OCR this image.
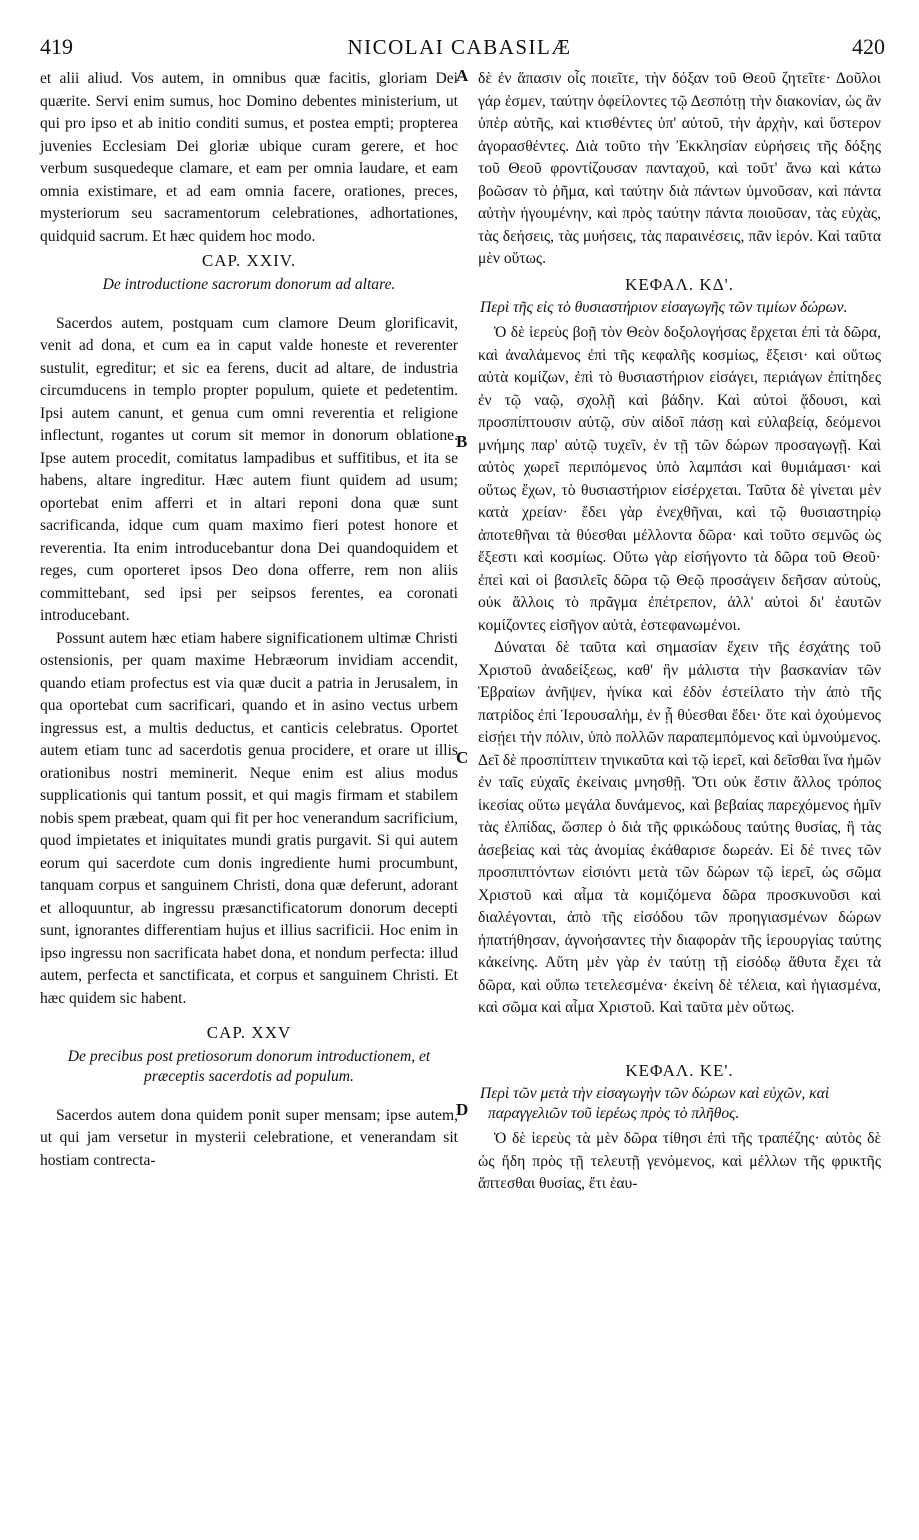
419	NICOLAI CABASILÆ	420

et alii aliud. Vos autem, in omnibus quæ facitis, gloriam Dei quærite. Servi enim sumus, hoc Domino debentes ministerium, ut qui pro ipso et ab initio conditi sumus, et postea empti; propterea juvenies Ecclesiam Dei gloriæ ubique curam gerere, et hoc verbum susquedeque clamare, et eam per omnia laudare, et eam omnia existimare, et ad eam omnia facere, orationes, preces, mysteriorum seu sacramentorum celebrationes, adhortationes, quidquid sacrum. Et hæc quidem hoc modo.

CAP. XXIV.
De introductione sacrorum donorum ad altare.

Sacerdos autem, postquam cum clamore Deum glorificavit, venit ad dona, et cum ea in caput valde honeste et reverenter sustulit, egreditur; et sic ea ferens, ducit ad altare, de industria circumducens in templo propter populum, quiete et pedetentim. Ipsi autem canunt, et genua cum omni reverentia et religione inflectunt, rogantes ut corum sit memor in donorum oblatione. Ipse autem procedit, comitatus lampadibus et suffitibus, et ita se habens, altare ingreditur. Hæc autem fiunt quidem ad usum; oportebat enim afferri et in altari reponi dona quæ sunt sacrificanda, idque cum quam maximo fieri potest honore et reverentia. Ita enim introducebantur dona Dei quandoquidem et reges, cum oporteret ipsos Deo dona offerre, rem non aliis committebant, sed ipsi per seipsos ferentes, ea coronati introducebant.

Possunt autem hæc etiam habere significationem ultimæ Christi ostensionis, per quam maxime Hebræorum invidiam accendit, quando etiam profectus est via quæ ducit a patria in Jerusalem, in qua oportebat cum sacrificari, quando et in asino vectus urbem ingressus est, a multis deductus, et canticis celebratus. Oportet autem etiam tunc ad sacerdotis genua procidere, et orare ut illis orationibus nostri meminerit. Neque enim est alius modus supplicationis qui tantum possit, et qui magis firmam et stabilem nobis spem præbeat, quam qui fit per hoc venerandum sacrificium, quod impietates et iniquitates mundi gratis purgavit. Si qui autem eorum qui sacerdote cum donis ingrediente humi procumbunt, tanquam corpus et sanguinem Christi, dona quæ deferunt, adorant et alloquuntur, ab ingressu præsanctificatorum donorum decepti sunt, ignorantes differentiam hujus et illius sacrificii. Hoc enim in ipso ingressu non sacrificata habet dona, et nondum perfecta: illud autem, perfecta et sanctificata, et corpus et sanguinem Christi. Et hæc quidem sic habent.

CAP. XXV
De precibus post pretiosorum donorum introductionem, et præceptis sacerdotis ad populum.

Sacerdos autem dona quidem ponit super mensam; ipse autem, ut qui jam versetur in mysterii celebratione, et venerandam sit hostiam contrecta-

δὲ ἐν ἅπασιν οἷς ποιεῖτε, τὴν δόξαν τοῦ Θεοῦ ζητεῖτε· Δοῦλοι γάρ ἐσμεν, ταύτην ὀφείλοντες τῷ Δεσπότῃ τὴν διακονίαν, ὡς ἂν ὑπὲρ αὐτῆς, καὶ κτισθέντες ὑπ' αὐτοῦ, τὴν ἀρχὴν, καὶ ὕστερον ἀγορασθέντες. Διὰ τοῦτο τὴν Ἐκκλησίαν εὑρήσεις τῆς δόξης τοῦ Θεοῦ φροντίζουσαν πανταχοῦ, καὶ τοῦτ' ἄνω καὶ κάτω βοῶσαν τὸ ῥῆμα, καὶ ταύτην διὰ πάντων ὑμνοῦσαν, καὶ πάντα αὐτὴν ἡγουμένην, καὶ πρὸς ταύτην πάντα ποιοῦσαν, τὰς εὐχὰς, τὰς δεήσεις, τὰς μυήσεις, τὰς παραινέσεις, πᾶν ἱερόν. Καὶ ταῦτα μὲν οὕτως.

ΚΕΦΑΛ. ΚΔ'.
Περὶ τῆς εἰς τὸ θυσιαστήριον εἰσαγωγῆς τῶν τιμίων δώρων.

Ὁ δὲ ἱερεὺς βοῇ τὸν Θεὸν δοξολογήσας ἔρχεται ἐπὶ τὰ δῶρα, καὶ ἀναλάμενος ἐπὶ τῆς κεφαλῆς κοσμίως, ἔξεισι· καὶ οὕτως αὐτὰ κομίζων, ἐπὶ τὸ θυσιαστήριον εἰσάγει, περιάγων ἐπίτηδες ἐν τῷ ναῷ, σχολῇ καὶ βάδην. Καὶ αὐτοὶ ᾄδουσι, καὶ προσπίπτουσιν αὐτῷ, σὺν αἰδοῖ πάσῃ καὶ εὐλαβείᾳ, δεόμενοι μνήμης παρ' αὐτῷ τυχεῖν, ἐν τῇ τῶν δώρων προσαγωγῇ. Καὶ αὐτὸς χωρεῖ περιπόμενος ὑπὸ λαμπάσι καὶ θυμιάμασι· καὶ οὕτως ἔχων, τὸ θυσιαστήριον εἰσέρχεται. Ταῦτα δὲ γίνεται μὲν κατὰ χρείαν· ἔδει γὰρ ἐνεχθῆναι, καὶ τῷ θυσιαστηρίῳ ἀποτεθῆναι τὰ θύεσθαι μέλλοντα δῶρα· καὶ τοῦτο σεμνῶς ὡς ἔξεστι καὶ κοσμίως. Οὕτω γὰρ εἰσήγοντο τὰ δῶρα τοῦ Θεοῦ· ἐπεὶ καὶ οἱ βασιλεῖς δῶρα τῷ Θεῷ προσάγειν δεῆσαν αὐτοὺς, οὐκ ἄλλοις τὸ πρᾶγμα ἐπέτρεπον, ἀλλ' αὐτοὶ δι' ἑαυτῶν κομίζοντες εἰσῆγον αὐτὰ, ἐστεφανωμένοι.

Δύναται δὲ ταῦτα καὶ σημασίαν ἔχειν τῆς ἐσχάτης τοῦ Χριστοῦ ἀναδείξεως, καθ' ἣν μάλιστα τὴν βασκανίαν τῶν Ἑβραίων ἀνῆψεν, ἡνίκα καὶ ἐδὸν ἐστείλατο τὴν ἀπὸ τῆς πατρίδος ἐπὶ Ἱερουσαλὴμ, ἐν ᾗ θύεσθαι ἔδει· ὅτε καὶ ὀχούμενος εἰσῄει τὴν πόλιν, ὑπὸ πολλῶν παραπεμπόμενος καὶ ὑμνούμενος. Δεῖ δὲ προσπίπτειν τηνικαῦτα καὶ τῷ ἱερεῖ, καὶ δεῖσθαι ἵνα ἡμῶν ἐν ταῖς εὐχαῖς ἐκείναις μνησθῇ. Ὅτι οὐκ ἔστιν ἄλλος τρόπος ἱκεσίας οὕτω μεγάλα δυνάμενος, καὶ βεβαίας παρεχόμενος ἡμῖν τὰς ἐλπίδας, ὥσπερ ὁ διὰ τῆς φρικώδους ταύτης θυσίας, ἣ τὰς ἀσεβείας καὶ τὰς ἀνομίας ἐκάθαρισε δωρεάν. Εἰ δέ τινες τῶν προσπιπτόντων εἰσιόντι μετὰ τῶν δώρων τῷ ἱερεῖ, ὡς σῶμα Χριστοῦ καὶ αἷμα τὰ κομιζόμενα δῶρα προσκυνοῦσι καὶ διαλέγονται, ἀπὸ τῆς εἰσόδου τῶν προηγιασμένων δώρων ἠπατήθησαν, ἀγνοήσαντες τὴν διαφορὰν τῆς ἱερουργίας ταύτης κἀκείνης. Αὕτη μὲν γὰρ ἐν ταύτῃ τῇ εἰσόδῳ ἄθυτα ἔχει τὰ δῶρα, καὶ οὔπω τετελεσμένα· ἐκείνη δὲ τέλεια, καὶ ἡγιασμένα, καὶ σῶμα καὶ αἷμα Χριστοῦ. Καὶ ταῦτα μὲν οὕτως.

ΚΕΦΑΛ. ΚΕ'.
Περὶ τῶν μετὰ τὴν εἰσαγωγὴν τῶν δώρων καὶ εὐχῶν, καὶ παραγγελιῶν τοῦ ἱερέως πρὸς τὸ πλῆθος.

Ὁ δὲ ἱερεὺς τὰ μὲν δῶρα τίθησι ἐπὶ τῆς τραπέζης· αὐτὸς δὲ ὡς ἤδη πρὸς τῇ τελευτῇ γενόμενος, καὶ μέλλων τῆς φρικτῆς ἅπτεσθαι θυσίας, ἔτι ἑαυ-

A
B
C
D
